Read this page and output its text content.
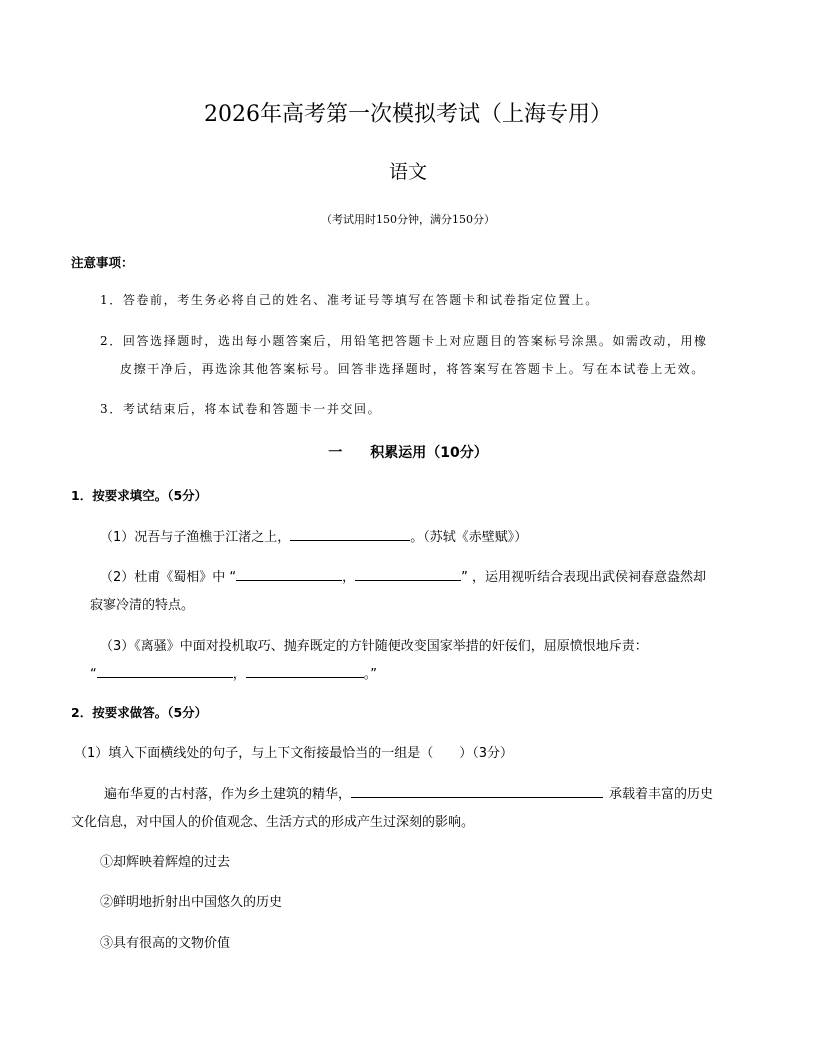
2026年高考第一次模拟考试（上海专用）
语文
（考试用时150分钟，满分150分）
注意事项：
1．答卷前，考生务必将自己的姓名、准考证号等填写在答题卡和试卷指定位置上。
2．回答选择题时，选出每小题答案后，用铅笔把答题卡上对应题目的答案标号涂黑。如需改动，用橡
皮擦干净后，再选涂其他答案标号。回答非选择题时，将答案写在答题卡上。写在本试卷上无效。
3．考试结束后，将本试卷和答题卡一并交回。
一 积累运用（10分）
1．按要求填空。（5分）
（1）况吾与子渔樵于江渚之上，	。（苏轼《赤壁赋》）
（2）杜甫《蜀相》中 “	，	” ，运用视听结合表现出武侯祠春意盎然却
寂寥冷清的特点。
（3）《离骚》中面对投机取巧、抛弃既定的方针随便改变国家举措的奸佞们，屈原愤恨地斥责：
“	，	。”
2．按要求做答。（5分）
（1）填入下面横线处的句子，与上下文衔接最恰当的一组是（　　）（3分）
遍布华夏的古村落，作为乡土建筑的精华，	承载着丰富的历史
文化信息，对中国人的价值观念、生活方式的形成产生过深刻的影响。
①却辉映着辉煌的过去
②鲜明地折射出中国悠久的历史
③具有很高的文物价值
